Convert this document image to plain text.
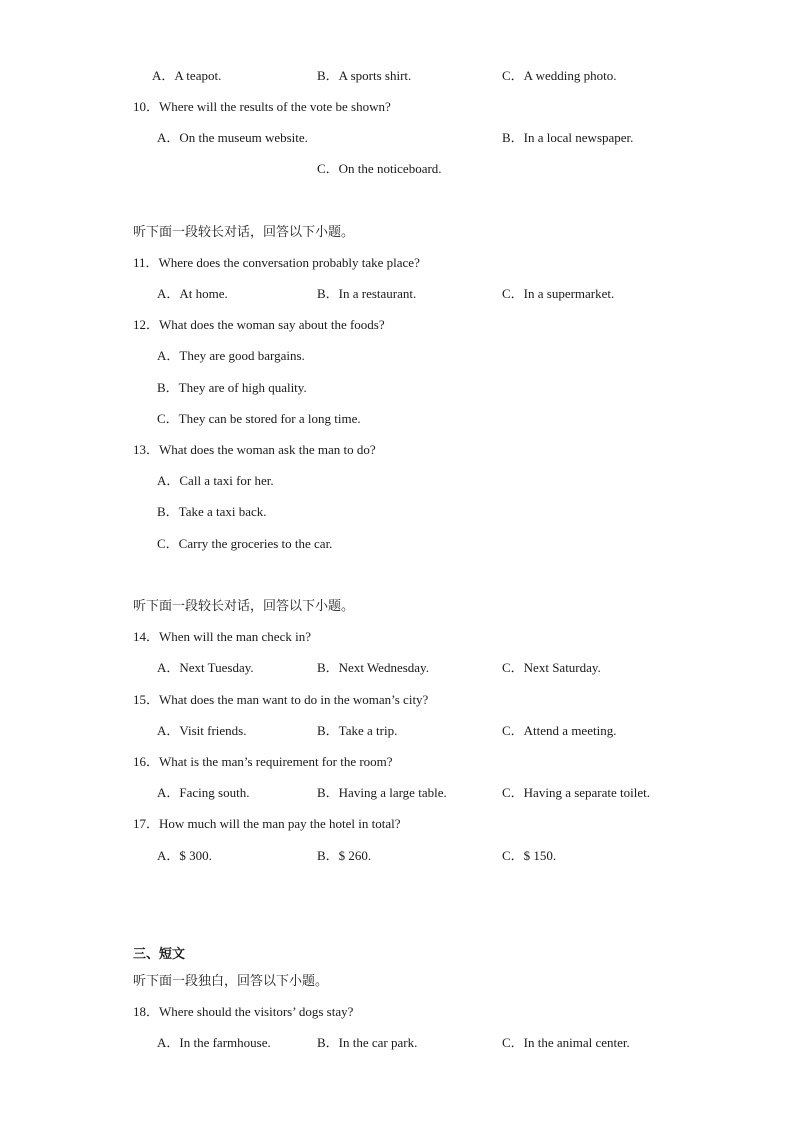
A．A teapot.	B．A sports shirt.	C．A wedding photo.
10．Where will the results of the vote be shown?
A．On the museum website.	B．In a local newspaper.
C．On the noticeboard.
听下面一段较长对话，回答以下小题。
11．Where does the conversation probably take place?
A．At home.	B．In a restaurant.	C．In a supermarket.
12．What does the woman say about the foods?
A．They are good bargains.
B．They are of high quality.
C．They can be stored for a long time.
13．What does the woman ask the man to do?
A．Call a taxi for her.
B．Take a taxi back.
C．Carry the groceries to the car.
听下面一段较长对话，回答以下小题。
14．When will the man check in?
A．Next Tuesday.	B．Next Wednesday.	C．Next Saturday.
15．What does the man want to do in the woman’s city?
A．Visit friends.	B．Take a trip.	C．Attend a meeting.
16．What is the man’s requirement for the room?
A．Facing south.	B．Having a large table.	C．Having a separate toilet.
17．How much will the man pay the hotel in total?
A．$ 300.	B．$ 260.	C．$ 150.
三、短文
听下面一段独白，回答以下小题。
18．Where should the visitors’ dogs stay?
A．In the farmhouse.	B．In the car park.	C．In the animal center.
